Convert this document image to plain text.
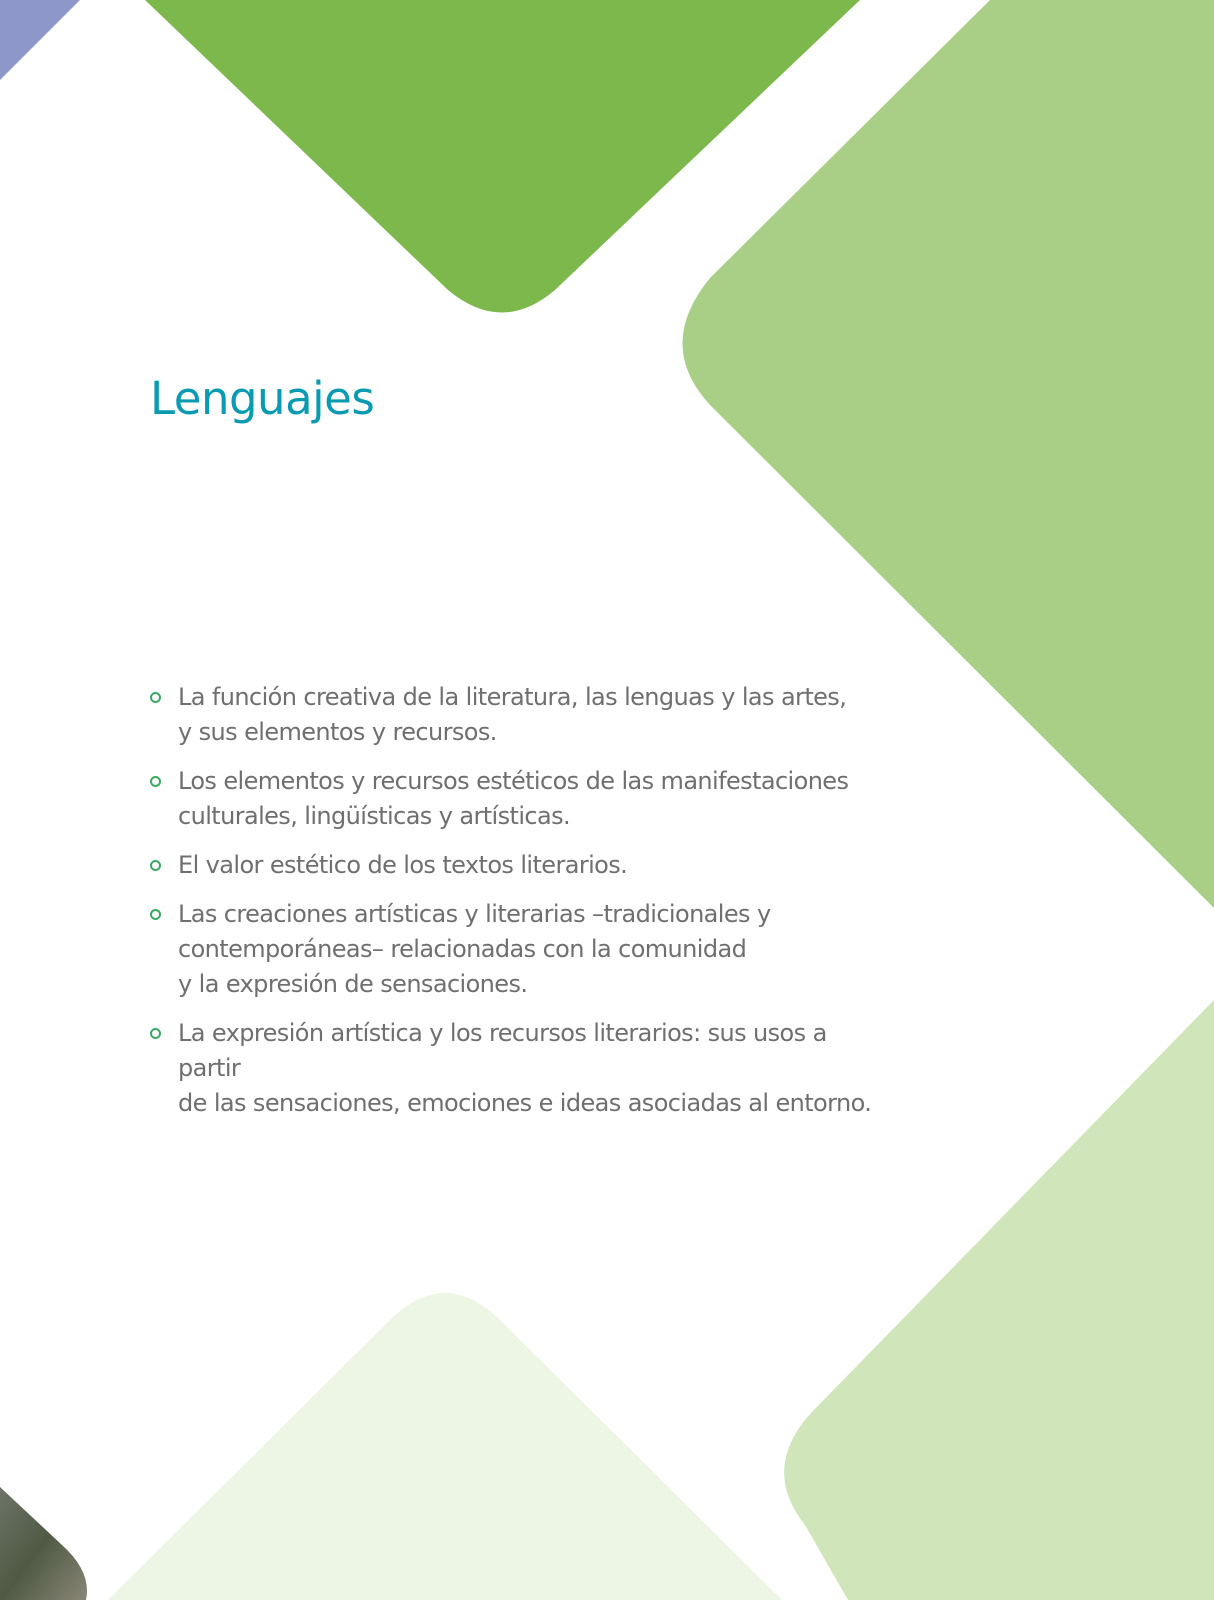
Lenguajes
La función creativa de la literatura, las lenguas y las artes,
y sus elementos y recursos.
Los elementos y recursos estéticos de las manifestaciones
culturales, lingüísticas y artísticas.
El valor estético de los textos literarios.
Las creaciones artísticas y literarias –tradicionales y
contemporáneas– relacionadas con la comunidad
y la expresión de sensaciones.
La expresión artística y los recursos literarios: sus usos a partir
de las sensaciones, emociones e ideas asociadas al entorno.
